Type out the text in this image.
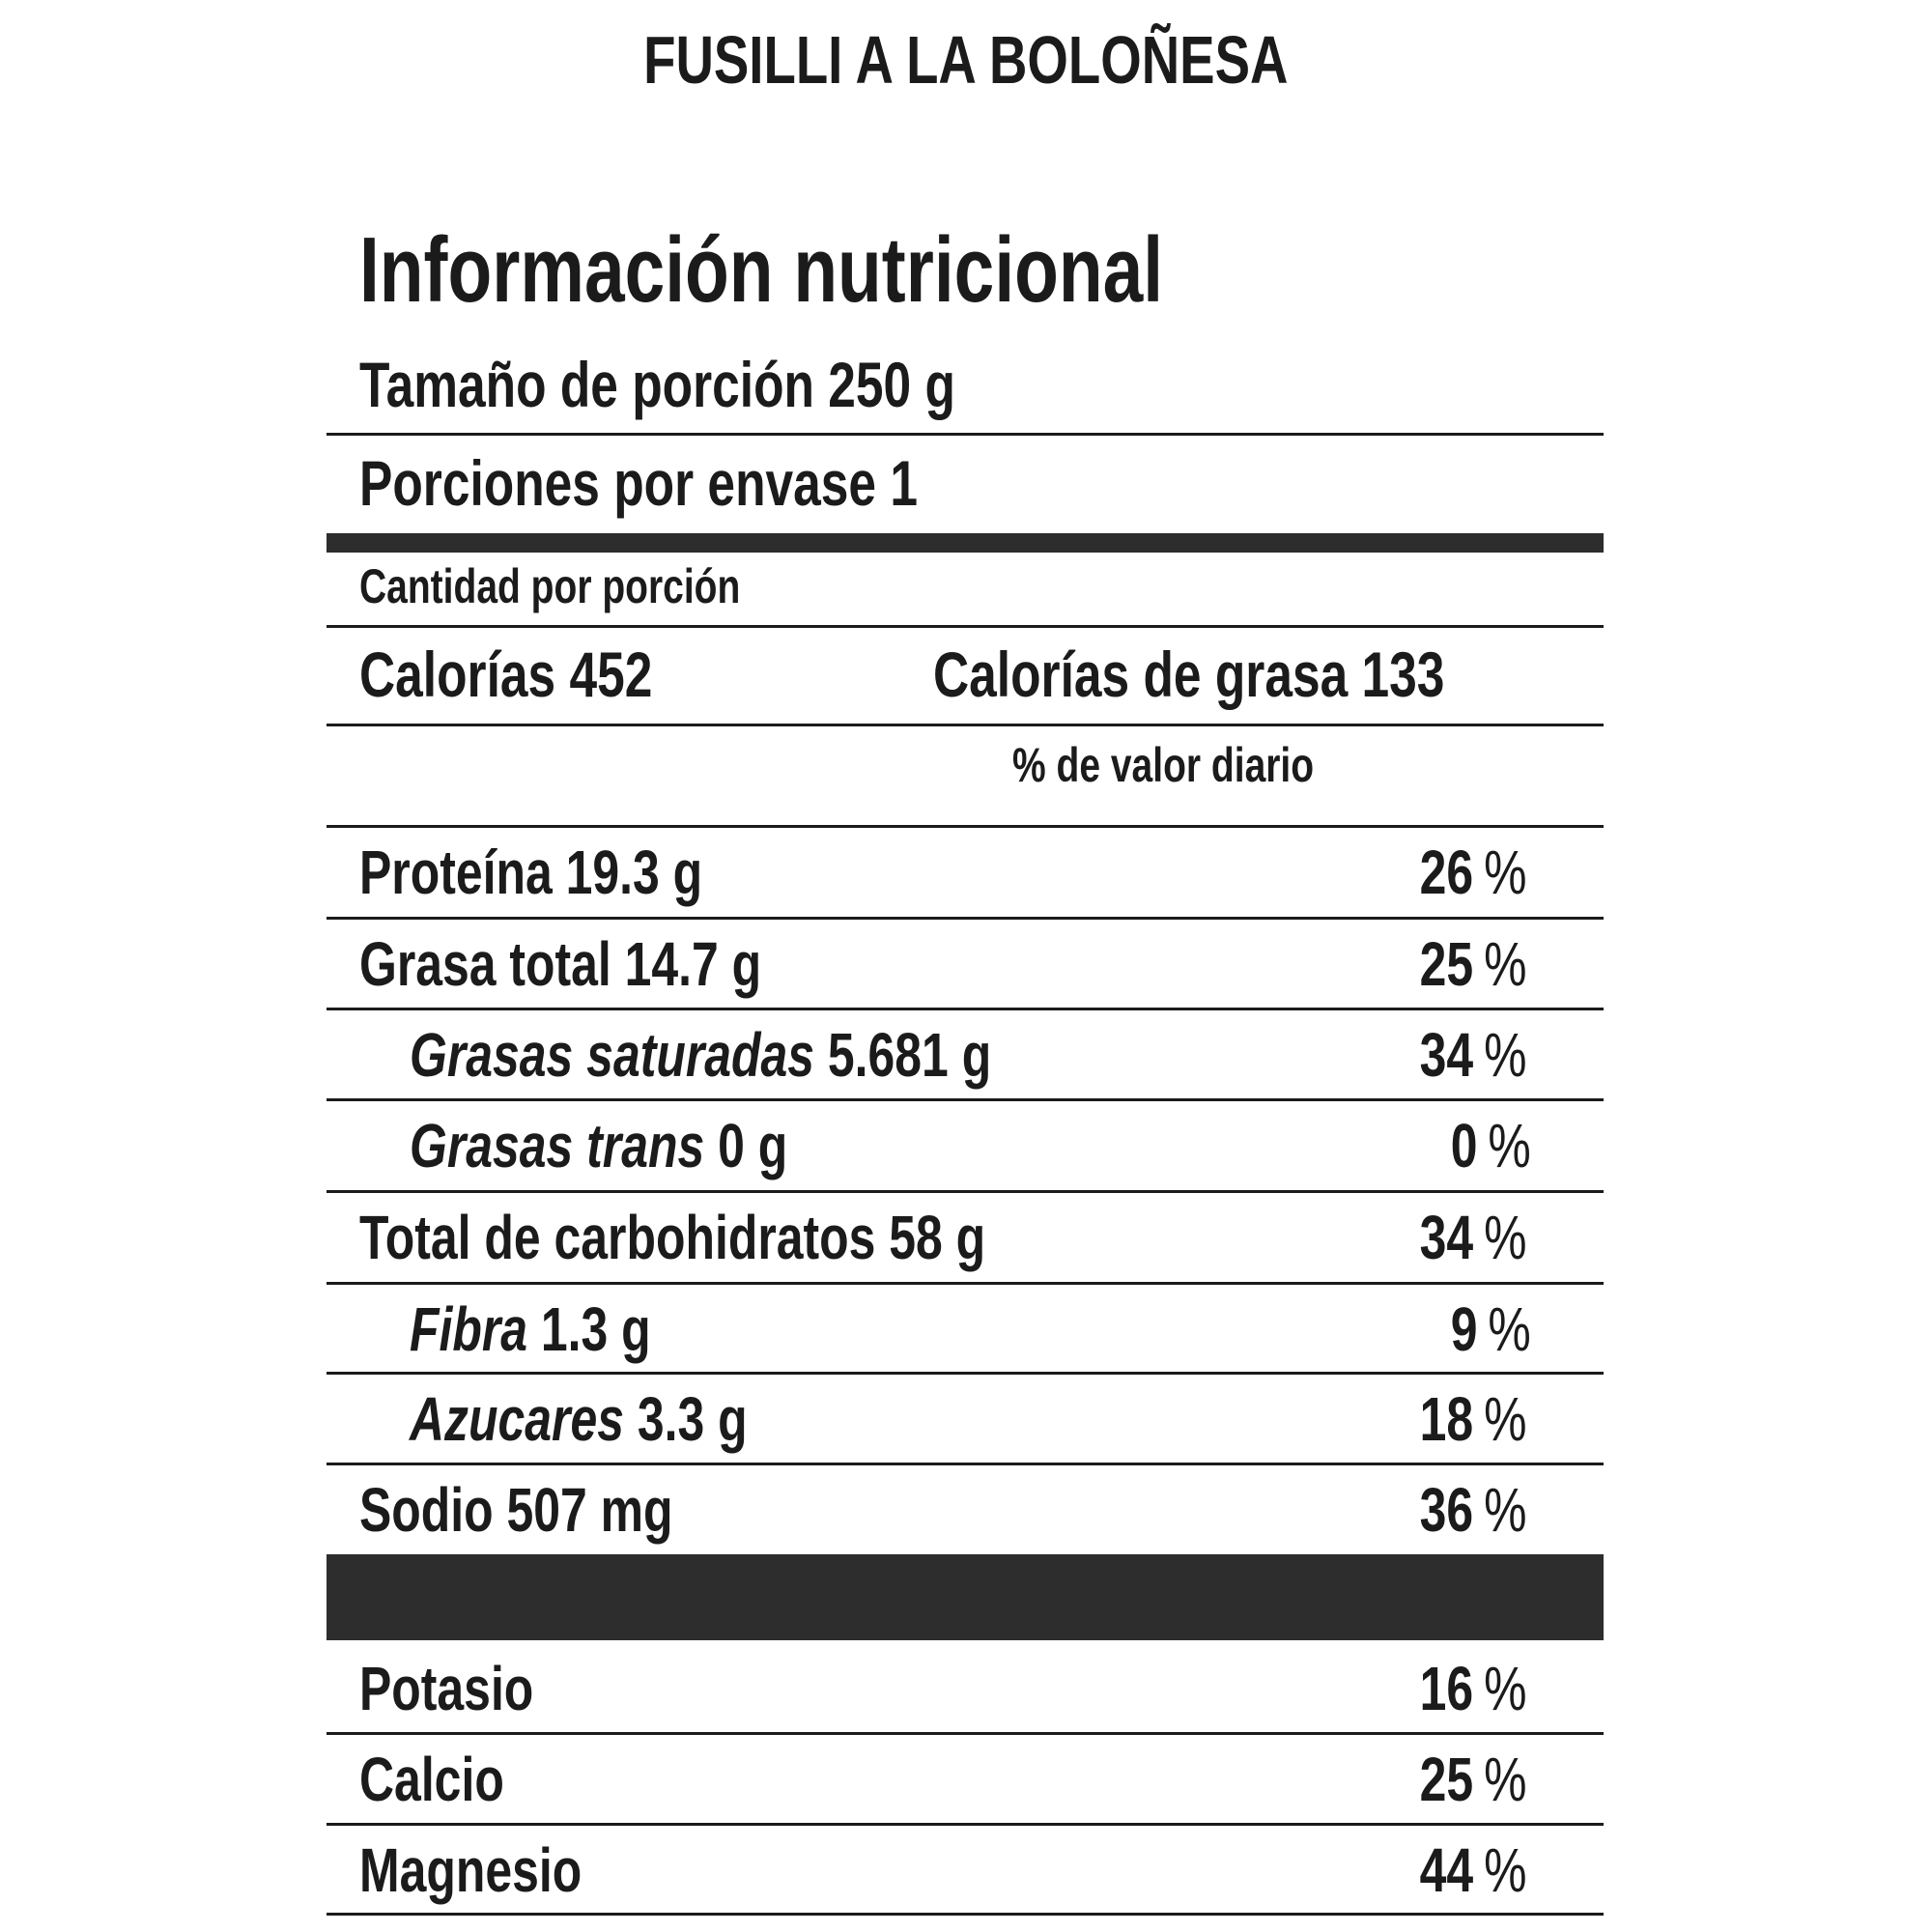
FUSILLI A LA BOLOÑESA
Información nutricional
Tamaño de porción 250 g
Porciones por envase 1
Cantidad por porción
Calorías 452	Calorías de grasa 133
% de valor diario
Proteína 19.3 g	26 %
Grasa total 14.7 g	25 %
Grasas saturadas 5.681 g	34 %
Grasas trans 0 g	0 %
Total de carbohidratos 58 g	34 %
Fibra 1.3 g	9 %
Azucares 3.3 g	18 %
Sodio 507 mg	36 %
Potasio	16 %
Calcio	25 %
Magnesio	44 %
